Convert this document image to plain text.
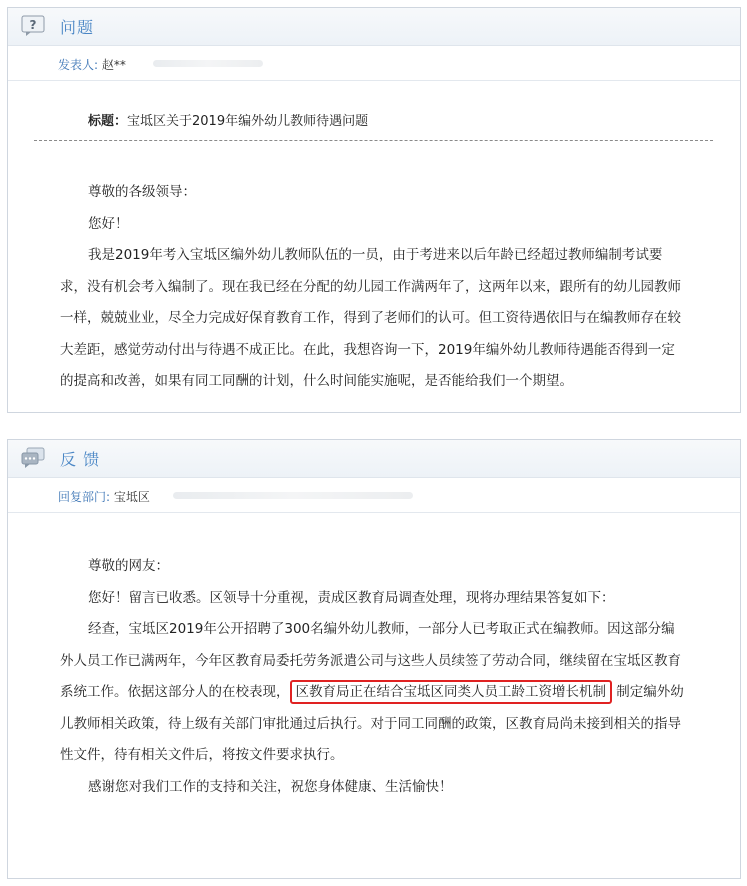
? 问题
发表人: 赵**
标题：宝坻区关于2019年编外幼儿教师待遇问题

尊敬的各级领导：

您好！

我是2019年考入宝坻区编外幼儿教师队伍的一员，由于考进来以后年龄已经超过教师编制考试要求，没有机会考入编制了。现在我已经在分配的幼儿园工作满两年了，这两年以来，跟所有的幼儿园教师一样，兢兢业业，尽全力完成好保育教育工作，得到了老师们的认可。但工资待遇依旧与在编教师存在较大差距，感觉劳动付出与待遇不成正比。在此，我想咨询一下，2019年编外幼儿教师待遇能否得到一定的提高和改善，如果有同工同酬的计划，什么时间能实施呢，是否能给我们一个期望。

反 馈
回复部门: 宝坻区

尊敬的网友：

您好！留言已收悉。区领导十分重视，责成区教育局调查处理，现将办理结果答复如下：

经查，宝坻区2019年公开招聘了300名编外幼儿教师，一部分人已考取正式在编教师。因这部分编外人员工作已满两年，今年区教育局委托劳务派遣公司与这些人员续签了劳动合同，继续留在宝坻区教育系统工作。依据这部分人的在校表现， 区教育局正在结合宝坻区同类人员工龄工资增长机制 制定编外幼儿教师相关政策，待上级有关部门审批通过后执行。对于同工同酬的政策，区教育局尚未接到相关的指导性文件，待有相关文件后，将按文件要求执行。

感谢您对我们工作的支持和关注，祝您身体健康、生活愉快！
